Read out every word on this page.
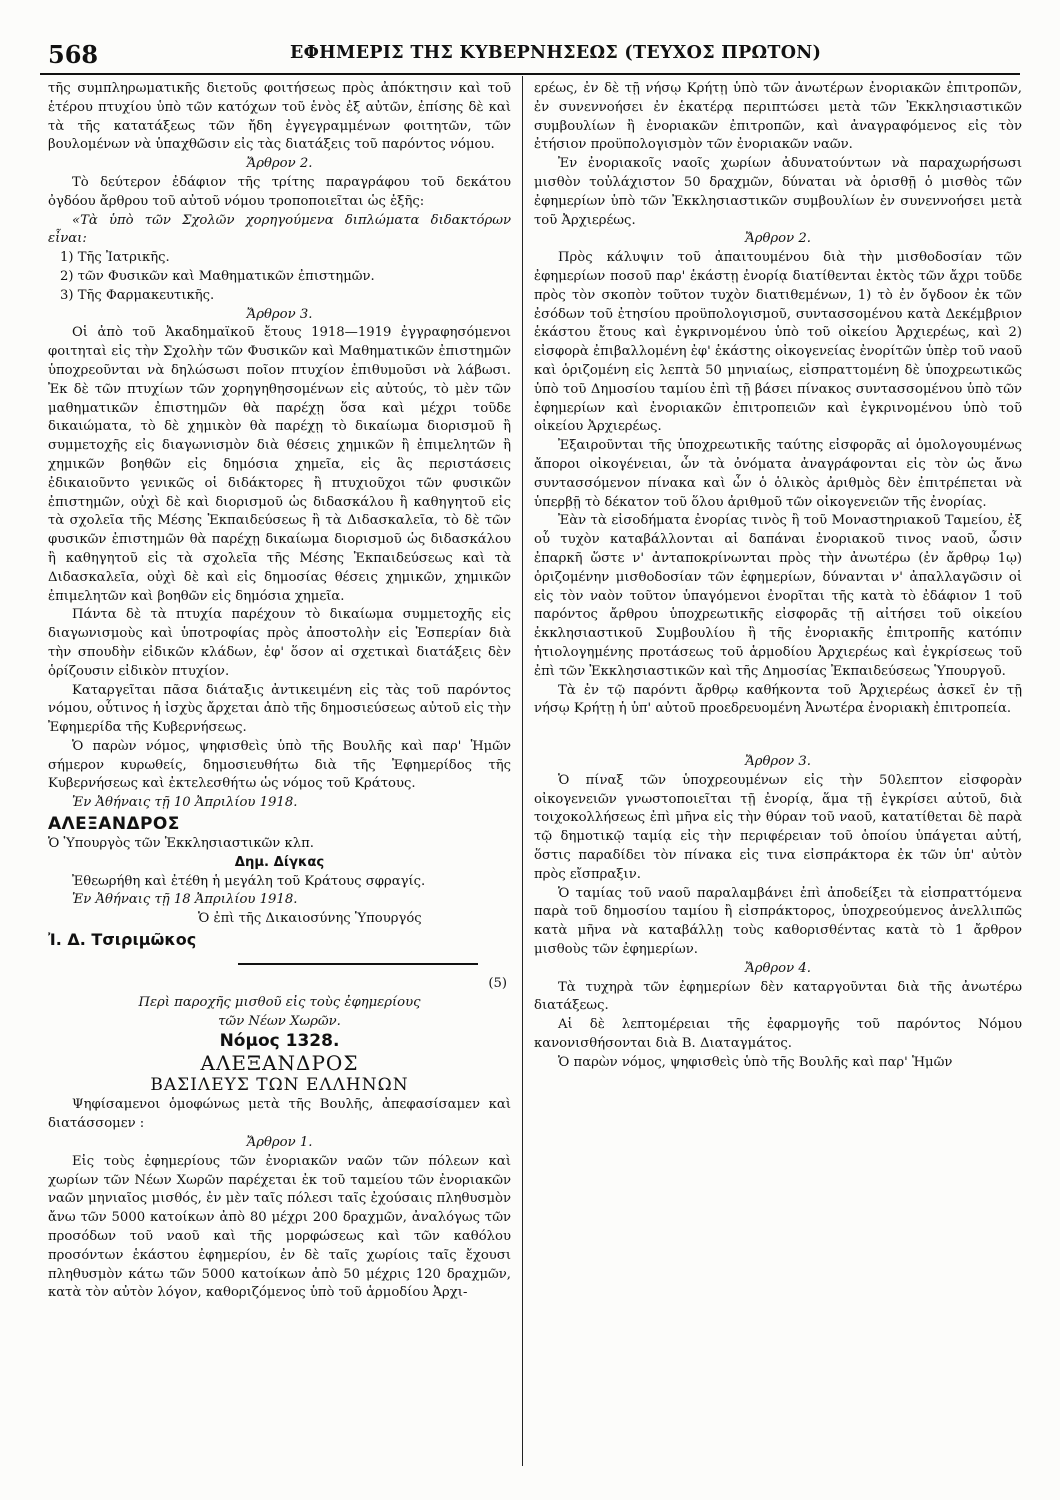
568	ΕΦΗΜΕΡΙΣ ΤΗΣ ΚΥΒΕΡΝΗΣΕΩΣ (ΤΕΥΧΟΣ ΠΡΩΤΟΝ)

τῆς συμπληρωματικῆς διετοῦς φοιτήσεως πρὸς ἀπόκτησιν καὶ τοῦ ἑτέρου πτυχίου ὑπὸ τῶν κατόχων τοῦ ἑνὸς ἐξ αὐτῶν, ἐπίσης δὲ καὶ τὰ τῆς κατατάξεως τῶν ἤδη ἐγγεγραμμένων φοιτητῶν, τῶν βουλομένων νὰ ὑπαχθῶσιν εἰς τὰς διατάξεις τοῦ παρόντος νόμου.

Ἄρθρον 2.

Τὸ δεύτερον ἐδάφιον τῆς τρίτης παραγράφου τοῦ δεκάτου ὀγδόου ἄρθρου τοῦ αὐτοῦ νόμου τροποποιεῖται ὡς ἑξῆς:

«Τὰ ὑπὸ τῶν Σχολῶν χορηγούμενα διπλώματα διδακτόρων εἶναι:

1) Τῆς Ἰατρικῆς.

2) τῶν Φυσικῶν καὶ Μαθηματικῶν ἐπιστημῶν.

3) Τῆς Φαρμακευτικῆς.

Ἄρθρον 3.

Οἱ ἀπὸ τοῦ Ἀκαδημαϊκοῦ ἔτους 1918—1919 ἐγγραφησόμενοι φοιτηταὶ εἰς τὴν Σχολὴν τῶν Φυσικῶν καὶ Μαθηματικῶν ἐπιστημῶν ὑποχρεοῦνται νὰ δηλώσωσι ποῖον πτυχίον ἐπιθυμοῦσι νὰ λάβωσι. Ἐκ δὲ τῶν πτυχίων τῶν χορηγηθησομένων εἰς αὐτούς, τὸ μὲν τῶν μαθηματικῶν ἐπιστημῶν θὰ παρέχῃ ὅσα καὶ μέχρι τοῦδε δικαιώματα, τὸ δὲ χημικὸν θὰ παρέχῃ τὸ δικαίωμα διορισμοῦ ἢ συμμετοχῆς εἰς διαγωνισμὸν διὰ θέσεις χημικῶν ἢ ἐπιμελητῶν ἢ χημικῶν βοηθῶν εἰς δημόσια χημεῖα, εἰς ἃς περιστάσεις ἐδικαιοῦντο γενικῶς οἱ διδάκτορες ἢ πτυχιοῦχοι τῶν φυσικῶν ἐπιστημῶν, οὐχὶ δὲ καὶ διορισμοῦ ὡς διδασκάλου ἢ καθηγητοῦ εἰς τὰ σχολεῖα τῆς Μέσης Ἐκπαιδεύσεως ἢ τὰ Διδασκαλεῖα, τὸ δὲ τῶν φυσικῶν ἐπιστημῶν θὰ παρέχῃ δικαίωμα διορισμοῦ ὡς διδασκάλου ἢ καθηγητοῦ εἰς τὰ σχολεῖα τῆς Μέσης Ἐκπαιδεύσεως καὶ τὰ Διδασκαλεῖα, οὐχὶ δὲ καὶ εἰς δημοσίας θέσεις χημικῶν, χημικῶν ἐπιμελητῶν καὶ βοηθῶν εἰς δημόσια χημεῖα.

Πάντα δὲ τὰ πτυχία παρέχουν τὸ δικαίωμα συμμετοχῆς εἰς διαγωνισμοὺς καὶ ὑποτροφίας πρὸς ἀποστολὴν εἰς Ἑσπερίαν διὰ τὴν σπουδὴν εἰδικῶν κλάδων, ἐφ' ὅσον αἱ σχετικαὶ διατάξεις δὲν ὁρίζουσιν εἰδικὸν πτυχίον.

Καταργεῖται πᾶσα διάταξις ἀντικειμένη εἰς τὰς τοῦ παρόντος νόμου, οὗτινος ἡ ἰσχὺς ἄρχεται ἀπὸ τῆς δημοσιεύσεως αὐτοῦ εἰς τὴν Ἐφημερίδα τῆς Κυβερνήσεως.

Ὁ παρὼν νόμος, ψηφισθεὶς ὑπὸ τῆς Βουλῆς καὶ παρ' Ἡμῶν σήμερον κυρωθείς, δημοσιευθήτω διὰ τῆς Ἐφημερίδος τῆς Κυβερνήσεως καὶ ἐκτελεσθήτω ὡς νόμος τοῦ Κράτους.

Ἐν Ἀθήναις τῇ 10 Ἀπριλίου 1918.

ΑΛΕΞΑΝΔΡΟΣ

Ὁ Ὑπουργὸς τῶν Ἐκκλησιαστικῶν κλπ.

Δημ. Δίγκας

Ἐθεωρήθη καὶ ἐτέθη ἡ μεγάλη τοῦ Κράτους σφραγίς.

Ἐν Ἀθήναις τῇ 18 Ἀπριλίου 1918.

Ὁ ἐπὶ τῆς Δικαιοσύνης Ὑπουργός

Ἰ. Δ. Τσιριμῶκος

(5)

Περὶ παροχῆς μισθοῦ εἰς τοὺς ἐφημερίους

τῶν Νέων Χωρῶν.

Νόμος 1328.

ΑΛΕΞΑΝΔΡΟΣ

ΒΑΣΙΛΕΥΣ ΤΩΝ ΕΛΛΗΝΩΝ

Ψηφίσαμενοι ὁμοφώνως μετὰ τῆς Βουλῆς, ἀπεφασίσαμεν καὶ διατάσσομεν :

Ἄρθρον 1.

Εἰς τοὺς ἐφημερίους τῶν ἐνοριακῶν ναῶν τῶν πόλεων καὶ χωρίων τῶν Νέων Χωρῶν παρέχεται ἐκ τοῦ ταμείου τῶν ἐνοριακῶν ναῶν μηνιαῖος μισθός, ἐν μὲν ταῖς πόλεσι ταῖς ἐχούσαις πληθυσμὸν ἄνω τῶν 5000 κατοίκων ἀπὸ 80 μέχρι 200 δραχμῶν, ἀναλόγως τῶν προσόδων τοῦ ναοῦ καὶ τῆς μορφώσεως καὶ τῶν καθόλου προσόντων ἑκάστου ἐφημερίου, ἐν δὲ ταῖς χωρίοις ταῖς ἔχουσι πληθυσμὸν κάτω τῶν 5000 κατοίκων ἀπὸ 50 μέχρις 120 δραχμῶν, κατὰ τὸν αὐτὸν λόγον, καθοριζόμενος ὑπὸ τοῦ ἁρμοδίου Ἀρχι-

ερέως, ἐν δὲ τῇ νήσῳ Κρήτῃ ὑπὸ τῶν ἀνωτέρων ἐνοριακῶν ἐπιτροπῶν, ἐν συνεννοήσει ἐν ἑκατέρᾳ περιπτώσει μετὰ τῶν Ἐκκλησιαστικῶν συμβουλίων ἢ ἐνοριακῶν ἐπιτροπῶν, καὶ ἀναγραφόμενος εἰς τὸν ἐτήσιον προϋπολογισμὸν τῶν ἐνοριακῶν ναῶν.

Ἐν ἐνοριακοῖς ναοῖς χωρίων ἀδυνατούντων νὰ παραχωρήσωσι μισθὸν τοὐλάχιστον 50 δραχμῶν, δύναται νὰ ὁρισθῇ ὁ μισθὸς τῶν ἐφημερίων ὑπὸ τῶν Ἐκκλησιαστικῶν συμβουλίων ἐν συνεννοήσει μετὰ τοῦ Ἀρχιερέως.

Ἄρθρον 2.

Πρὸς κάλυψιν τοῦ ἀπαιτουμένου διὰ τὴν μισθοδοσίαν τῶν ἐφημερίων ποσοῦ παρ' ἑκάστῃ ἐνορίᾳ διατίθενται ἐκτὸς τῶν ἄχρι τοῦδε πρὸς τὸν σκοπὸν τοῦτον τυχὸν διατιθεμένων, 1) τὸ ἐν ὄγδοον ἐκ τῶν ἐσόδων τοῦ ἐτησίου προϋπολογισμοῦ, συντασσομένου κατὰ Δεκέμβριον ἑκάστου ἔτους καὶ ἐγκρινομένου ὑπὸ τοῦ οἰκείου Ἀρχιερέως, καὶ 2) εἰσφορὰ ἐπιβαλλομένη ἐφ' ἑκάστης οἰκογενείας ἐνορίτῶν ὑπὲρ τοῦ ναοῦ καὶ ὁριζομένη εἰς λεπτὰ 50 μηνιαίως, εἰσπραττομένη δὲ ὑποχρεωτικῶς ὑπὸ τοῦ Δημοσίου ταμίου ἐπὶ τῇ βάσει πίνακος συντασσομένου ὑπὸ τῶν ἐφημερίων καὶ ἐνοριακῶν ἐπιτροπειῶν καὶ ἐγκρινομένου ὑπὸ τοῦ οἰκείου Ἀρχιερέως.

Ἐξαιροῦνται τῆς ὑποχρεωτικῆς ταύτης εἰσφορᾶς αἱ ὁμολογουμένως ἄποροι οἰκογένειαι, ὧν τὰ ὀνόματα ἀναγράφονται εἰς τὸν ὡς ἄνω συντασσόμενον πίνακα καὶ ὧν ὁ ὁλικὸς ἀριθμὸς δὲν ἐπιτρέπεται νὰ ὑπερβῇ τὸ δέκατον τοῦ ὅλου ἀριθμοῦ τῶν οἰκογενειῶν τῆς ἐνορίας.

Ἐὰν τὰ εἰσοδήματα ἐνορίας τινὸς ἢ τοῦ Μοναστηριακοῦ Ταμείου, ἐξ οὗ τυχὸν καταβάλλονται αἱ δαπάναι ἐνοριακοῦ τινος ναοῦ, ὦσιν ἐπαρκῆ ὥστε ν' ἀνταποκρίνωνται πρὸς τὴν ἀνωτέρω (ἐν ἄρθρῳ 1ῳ) ὁριζομένην μισθοδοσίαν τῶν ἐφημερίων, δύνανται ν' ἀπαλλαγῶσιν οἱ εἰς τὸν ναὸν τοῦτον ὑπαγόμενοι ἐνορῖται τῆς κατὰ τὸ ἐδάφιον 1 τοῦ παρόντος ἄρθρου ὑποχρεωτικῆς εἰσφορᾶς τῇ αἰτήσει τοῦ οἰκείου ἐκκλησιαστικοῦ Συμβουλίου ἢ τῆς ἐνοριακῆς ἐπιτροπῆς κατόπιν ἠτιολογημένης προτάσεως τοῦ ἁρμοδίου Ἀρχιερέως καὶ ἐγκρίσεως τοῦ ἐπὶ τῶν Ἐκκλησιαστικῶν καὶ τῆς Δημοσίας Ἐκπαιδεύσεως Ὑπουργοῦ.

Τὰ ἐν τῷ παρόντι ἄρθρῳ καθήκοντα τοῦ Ἀρχιερέως ἀσκεῖ ἐν τῇ νήσῳ Κρήτῃ ἡ ὑπ' αὐτοῦ προεδρευομένη Ἀνωτέρα ἐνοριακὴ ἐπιτροπεία.

Ἄρθρον 3.

Ὁ πίναξ τῶν ὑποχρεουμένων εἰς τὴν 50λεπτον εἰσφορὰν οἰκογενειῶν γνωστοποιεῖται τῇ ἐνορίᾳ, ἅμα τῇ ἐγκρίσει αὐτοῦ, διὰ τοιχοκολλήσεως ἐπὶ μῆνα εἰς τὴν θύραν τοῦ ναοῦ, κατατίθεται δὲ παρὰ τῷ δημοτικῷ ταμίᾳ εἰς τὴν περιφέρειαν τοῦ ὁποίου ὑπάγεται αὐτή, ὅστις παραδίδει τὸν πίνακα εἰς τινα εἰσπράκτορα ἐκ τῶν ὑπ' αὐτὸν πρὸς εἴσπραξιν.

Ὁ ταμίας τοῦ ναοῦ παραλαμβάνει ἐπὶ ἀποδείξει τὰ εἰσπραττόμενα παρὰ τοῦ δημοσίου ταμίου ἢ εἰσπράκτορος, ὑποχρεούμενος ἀνελλιπῶς κατὰ μῆνα νὰ καταβάλλῃ τοὺς καθορισθέντας κατὰ τὸ 1 ἄρθρον μισθοὺς τῶν ἐφημερίων.

Ἄρθρον 4.

Τὰ τυχηρὰ τῶν ἐφημερίων δὲν καταργοῦνται διὰ τῆς ἀνωτέρω διατάξεως.

Αἱ δὲ λεπτομέρειαι τῆς ἐφαρμογῆς τοῦ παρόντος Νόμου κανονισθήσονται διὰ Β. Διαταγμάτος.

Ὁ παρὼν νόμος, ψηφισθεὶς ὑπὸ τῆς Βουλῆς καὶ παρ' Ἡμῶν
